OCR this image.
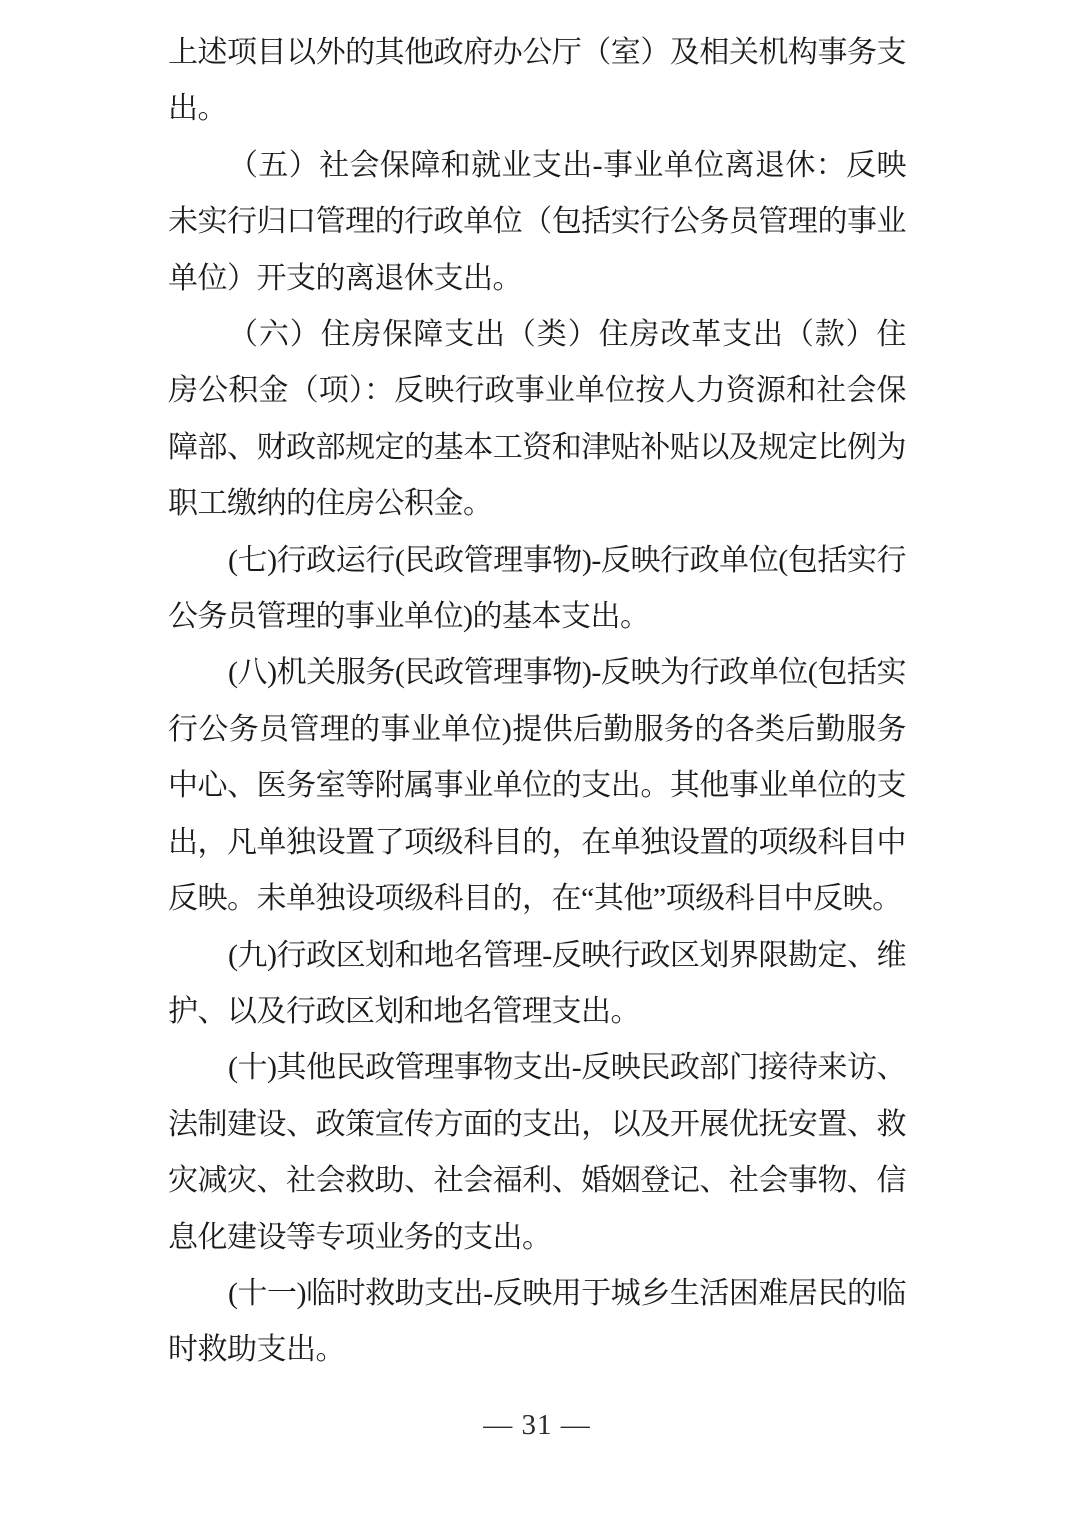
上述项目以外的其他政府办公厅（室）及相关机构事务支出。

（五）社会保障和就业支出-事业单位离退休：反映未实行归口管理的行政单位（包括实行公务员管理的事业单位）开支的离退休支出。

（六）住房保障支出（类）住房改革支出（款）住房公积金（项）：反映行政事业单位按人力资源和社会保障部、财政部规定的基本工资和津贴补贴以及规定比例为职工缴纳的住房公积金。

(七)行政运行(民政管理事物)-反映行政单位(包括实行公务员管理的事业单位)的基本支出。

(八)机关服务(民政管理事物)-反映为行政单位(包括实行公务员管理的事业单位)提供后勤服务的各类后勤服务中心、医务室等附属事业单位的支出。其他事业单位的支出，凡单独设置了项级科目的，在单独设置的项级科目中反映。未单独设项级科目的，在“其他”项级科目中反映。

(九)行政区划和地名管理-反映行政区划界限勘定、维护、以及行政区划和地名管理支出。

(十)其他民政管理事物支出-反映民政部门接待来访、法制建设、政策宣传方面的支出，以及开展优抚安置、救灾减灾、社会救助、社会福利、婚姻登记、社会事物、信息化建设等专项业务的支出。

(十一)临时救助支出-反映用于城乡生活困难居民的临时救助支出。

— 31 —
